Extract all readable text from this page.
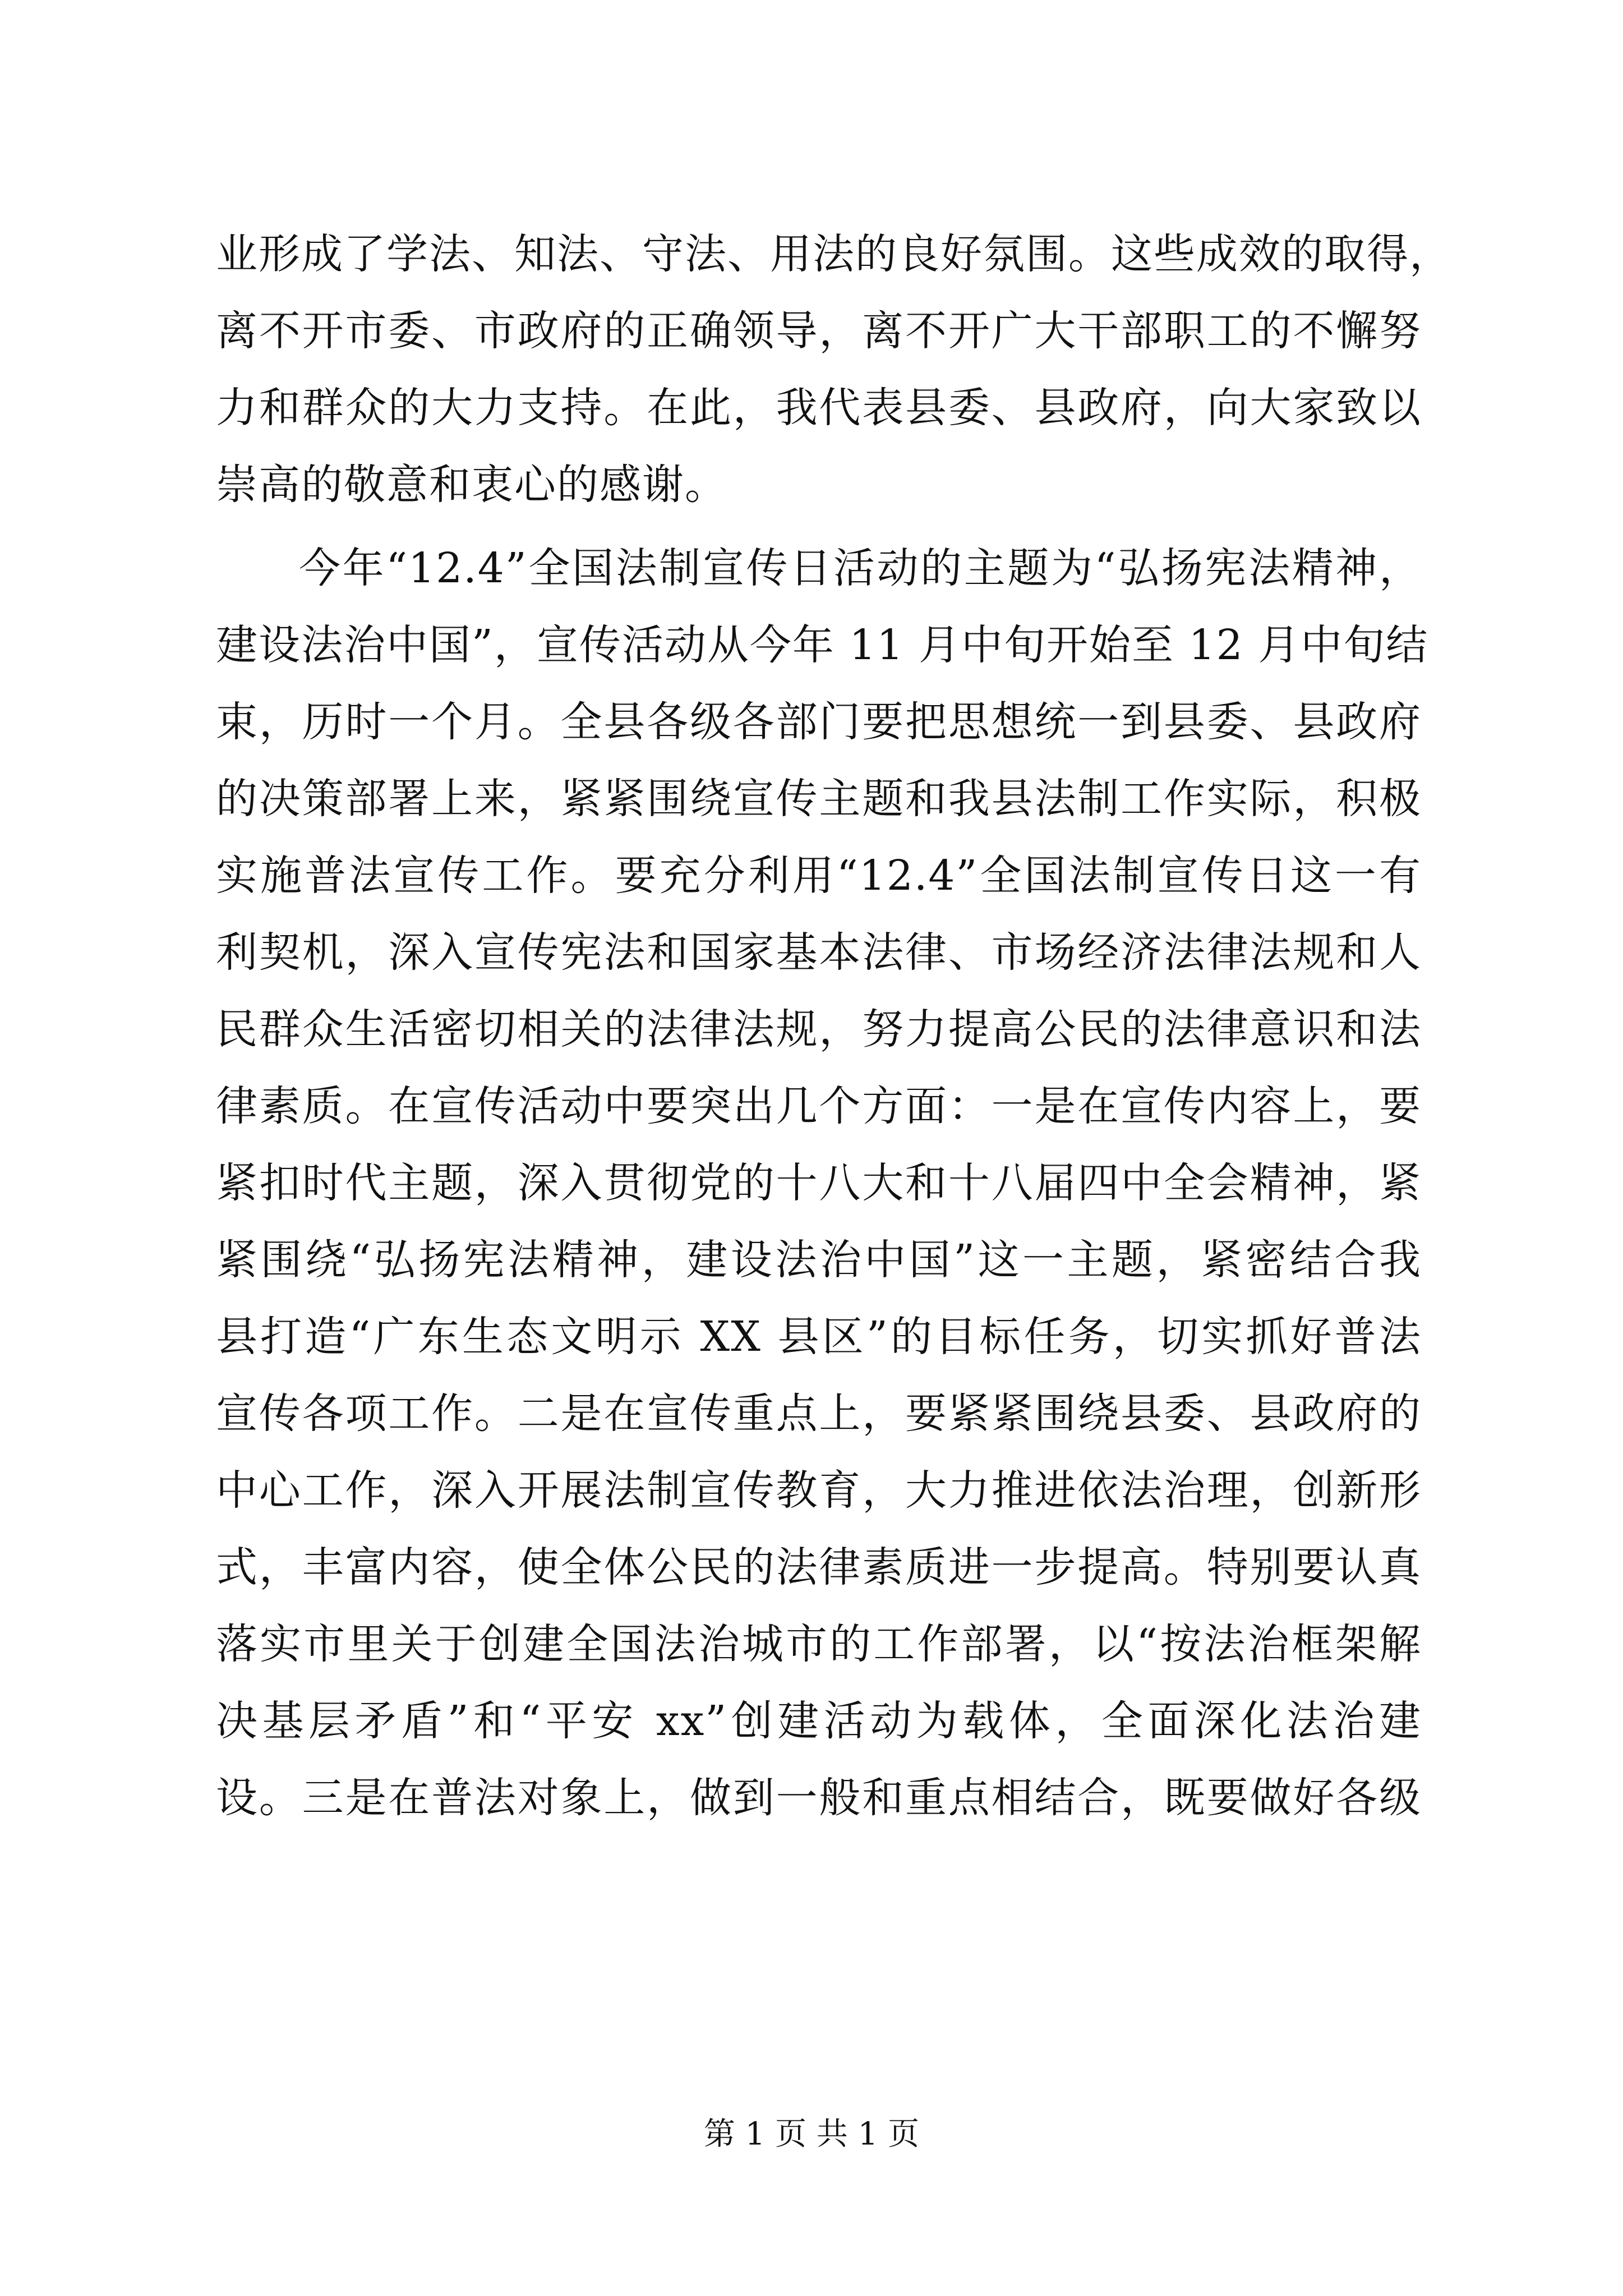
业形成了学法、知法、守法、用法的良好氛围。这些成效的取得，
离不开市委、市政府的正确领导，离不开广大干部职工的不懈努
力和群众的大力支持。在此，我代表县委、县政府，向大家致以
崇高的敬意和衷心的感谢。
今年“12.4”全国法制宣传日活动的主题为“弘扬宪法精神，
建设法治中国”，宣传活动从今年 11 月中旬开始至 12 月中旬结
束，历时一个月。全县各级各部门要把思想统一到县委、县政府
的决策部署上来，紧紧围绕宣传主题和我县法制工作实际，积极
实施普法宣传工作。要充分利用“12.4”全国法制宣传日这一有
利契机，深入宣传宪法和国家基本法律、市场经济法律法规和人
民群众生活密切相关的法律法规，努力提高公民的法律意识和法
律素质。在宣传活动中要突出几个方面：一是在宣传内容上，要
紧扣时代主题，深入贯彻党的十八大和十八届四中全会精神，紧
紧围绕“弘扬宪法精神，建设法治中国”这一主题，紧密结合我
县打造“广东生态文明示 XX 县区”的目标任务，切实抓好普法
宣传各项工作。二是在宣传重点上，要紧紧围绕县委、县政府的
中心工作，深入开展法制宣传教育，大力推进依法治理，创新形
式，丰富内容，使全体公民的法律素质进一步提高。特别要认真
落实市里关于创建全国法治城市的工作部署，以“按法治框架解
决基层矛盾”和“平安 xx”创建活动为载体，全面深化法治建
设。三是在普法对象上，做到一般和重点相结合，既要做好各级
第 1 页 共 1 页
